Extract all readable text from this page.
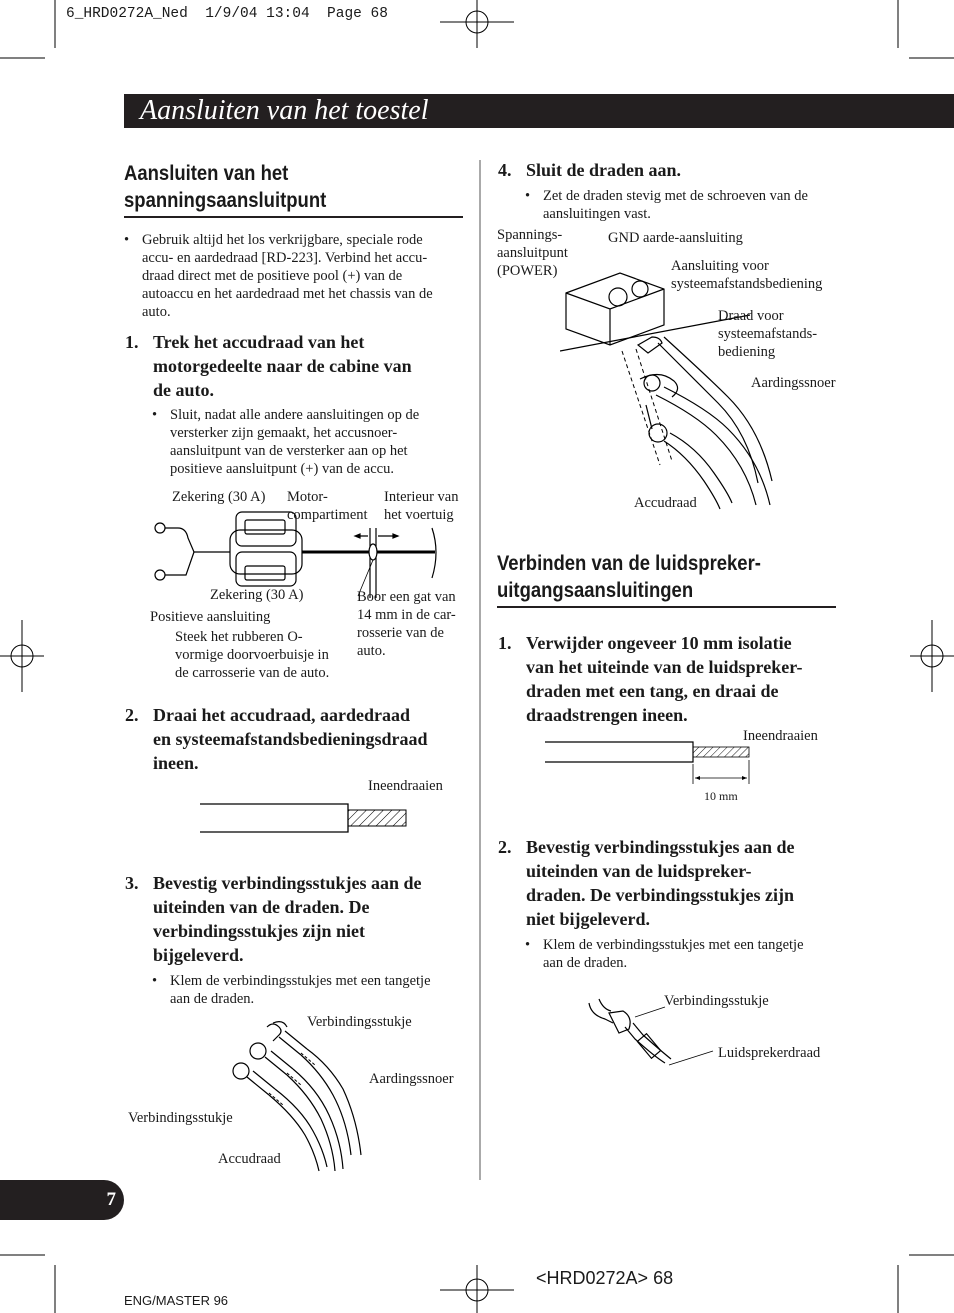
6_HRD0272A_Ned  1/9/04 13:04  Page 68
Aansluiten van het toestel
Aansluiten van het
spanningsaansluitpunt
• Gebruik altijd het los verkrijgbare, speciale rode
accu- en aardedraad [RD-223]. Verbind het accu-
draad direct met de positieve pool (+) van de
autoaccu en het aardedraad met het chassis van de
auto.
1. Trek het accudraad van het
motorgedeelte naar de cabine van
de auto.
• Sluit, nadat alle andere aansluitingen op de
versterker zijn gemaakt, het accusnoer-
aansluitpunt van de versterker aan op het
positieve aansluitpunt (+) van de accu.
Zekering (30 A) Motor-
compartiment
Interieur van
het voertuig
Zekering (30 A)
Positieve aansluiting
Boor een gat van
14 mm in de car-
rosserie van de
auto.
Steek het rubberen O-
vormige doorvoerbuisje in
de carrosserie van de auto.
2. Draai het accudraad, aardedraad
en systeemafstandsbedieningsdraad
ineen.
Ineendraaien
3. Bevestig verbindingsstukjes aan de
uiteinden van de draden. De
verbindingsstukjes zijn niet
bijgeleverd.
• Klem de verbindingsstukjes met een tangetje
aan de draden.
Verbindingsstukje
Aardingssnoer
Verbindingsstukje
Accudraad
4. Sluit de draden aan.
• Zet de draden stevig met de schroeven van de
aansluitingen vast.
Spannings-
aansluitpunt
(POWER)
GND aarde-aansluiting
Aansluiting voor
systeemafstandsbediening
Draad voor
systeemafstands-
bediening
Aardingssnoer
Accudraad
Verbinden van de luidspreker-
uitgangsaansluitingen
1. Verwijder ongeveer 10 mm isolatie
van het uiteinde van de luidspreker-
draden met een tang, en draai de
draadstrengen ineen.
Ineendraaien
10 mm
2. Bevestig verbindingsstukjes aan de
uiteinden van de luidspreker-
draden. De verbindingsstukjes zijn
niet bijgeleverd.
• Klem de verbindingsstukjes met een tangetje
aan de draden.
Verbindingsstukje
Luidsprekerdraad
7
ENG/MASTER 96
<HRD0272A> 68
